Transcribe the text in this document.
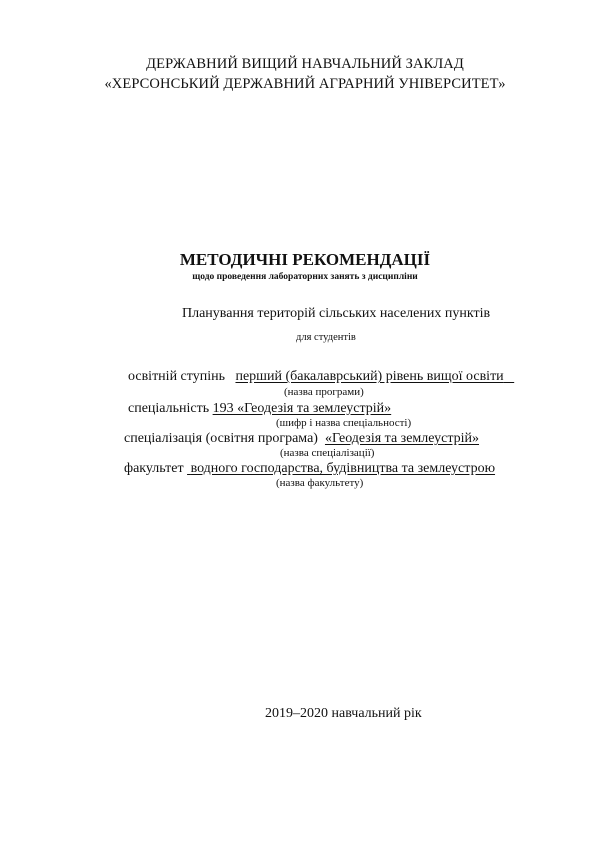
ДЕРЖАВНИЙ ВИЩИЙ НАВЧАЛЬНИЙ ЗАКЛАД
«ХЕРСОНСЬКИЙ ДЕРЖАВНИЙ АГРАРНИЙ УНІВЕРСИТЕТ»
МЕТОДИЧНІ РЕКОМЕНДАЦІЇ
щодо проведення лабораторних занять з дисципліни
Планування територій сільських населених пунктів
для студентів
освітній ступінь перший (бакалаврський) рівень вищої освіти
(назва програми)
спеціальність 193 «Геодезія та землеустрій»
(шифр і назва спеціальності)
спеціалізація (освітня програма) «Геодезія та землеустрій»
(назва спеціалізації)
факультет водного господарства, будівництва та землеустрою
(назва факультету)
2019–2020 навчальний рік
